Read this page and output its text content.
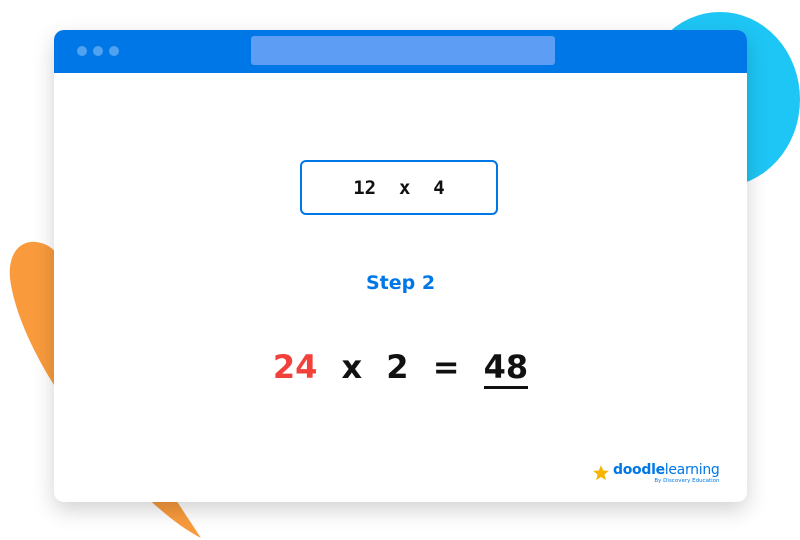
12  x  4
Step 2
24 x 2 = 48
doodlelearning
By Discovery Education
